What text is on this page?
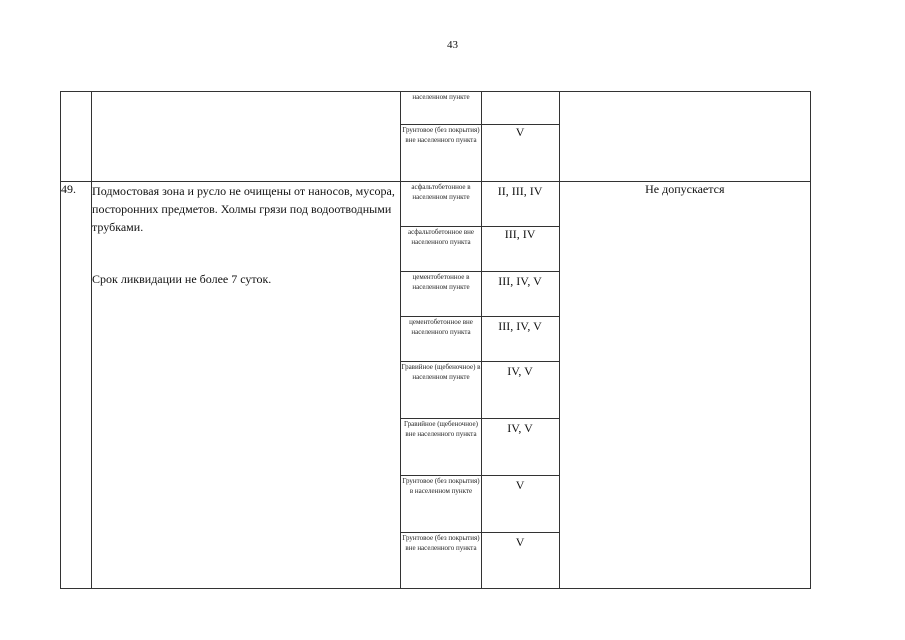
43
		населенном пункте		
		Грунтовое (без покрытия) вне населенного пункта	V	
49.	Подмостовая зона и русло не очищены от наносов, мусора, посторонних предметов. Холмы грязи под водоотводными трубками.
Срок ликвидации не более 7 суток.	асфальтобетонное в населенном пункте	II, III, IV	Не допускается
		асфальтобетонное вне населенного пункта	III, IV	
		цементобетонное в населенном пункте	III, IV, V	
		цементобетонное вне населенного пункта	III, IV, V	
		Гравийное (щебеночное) в населенном пункте	IV, V	
		Гравийное (щебеночное) вне населенного пункта	IV, V	
		Грунтовое (без покрытия) в населенном пункте	V	
		Грунтовое (без покрытия) вне населенного пункта	V	
